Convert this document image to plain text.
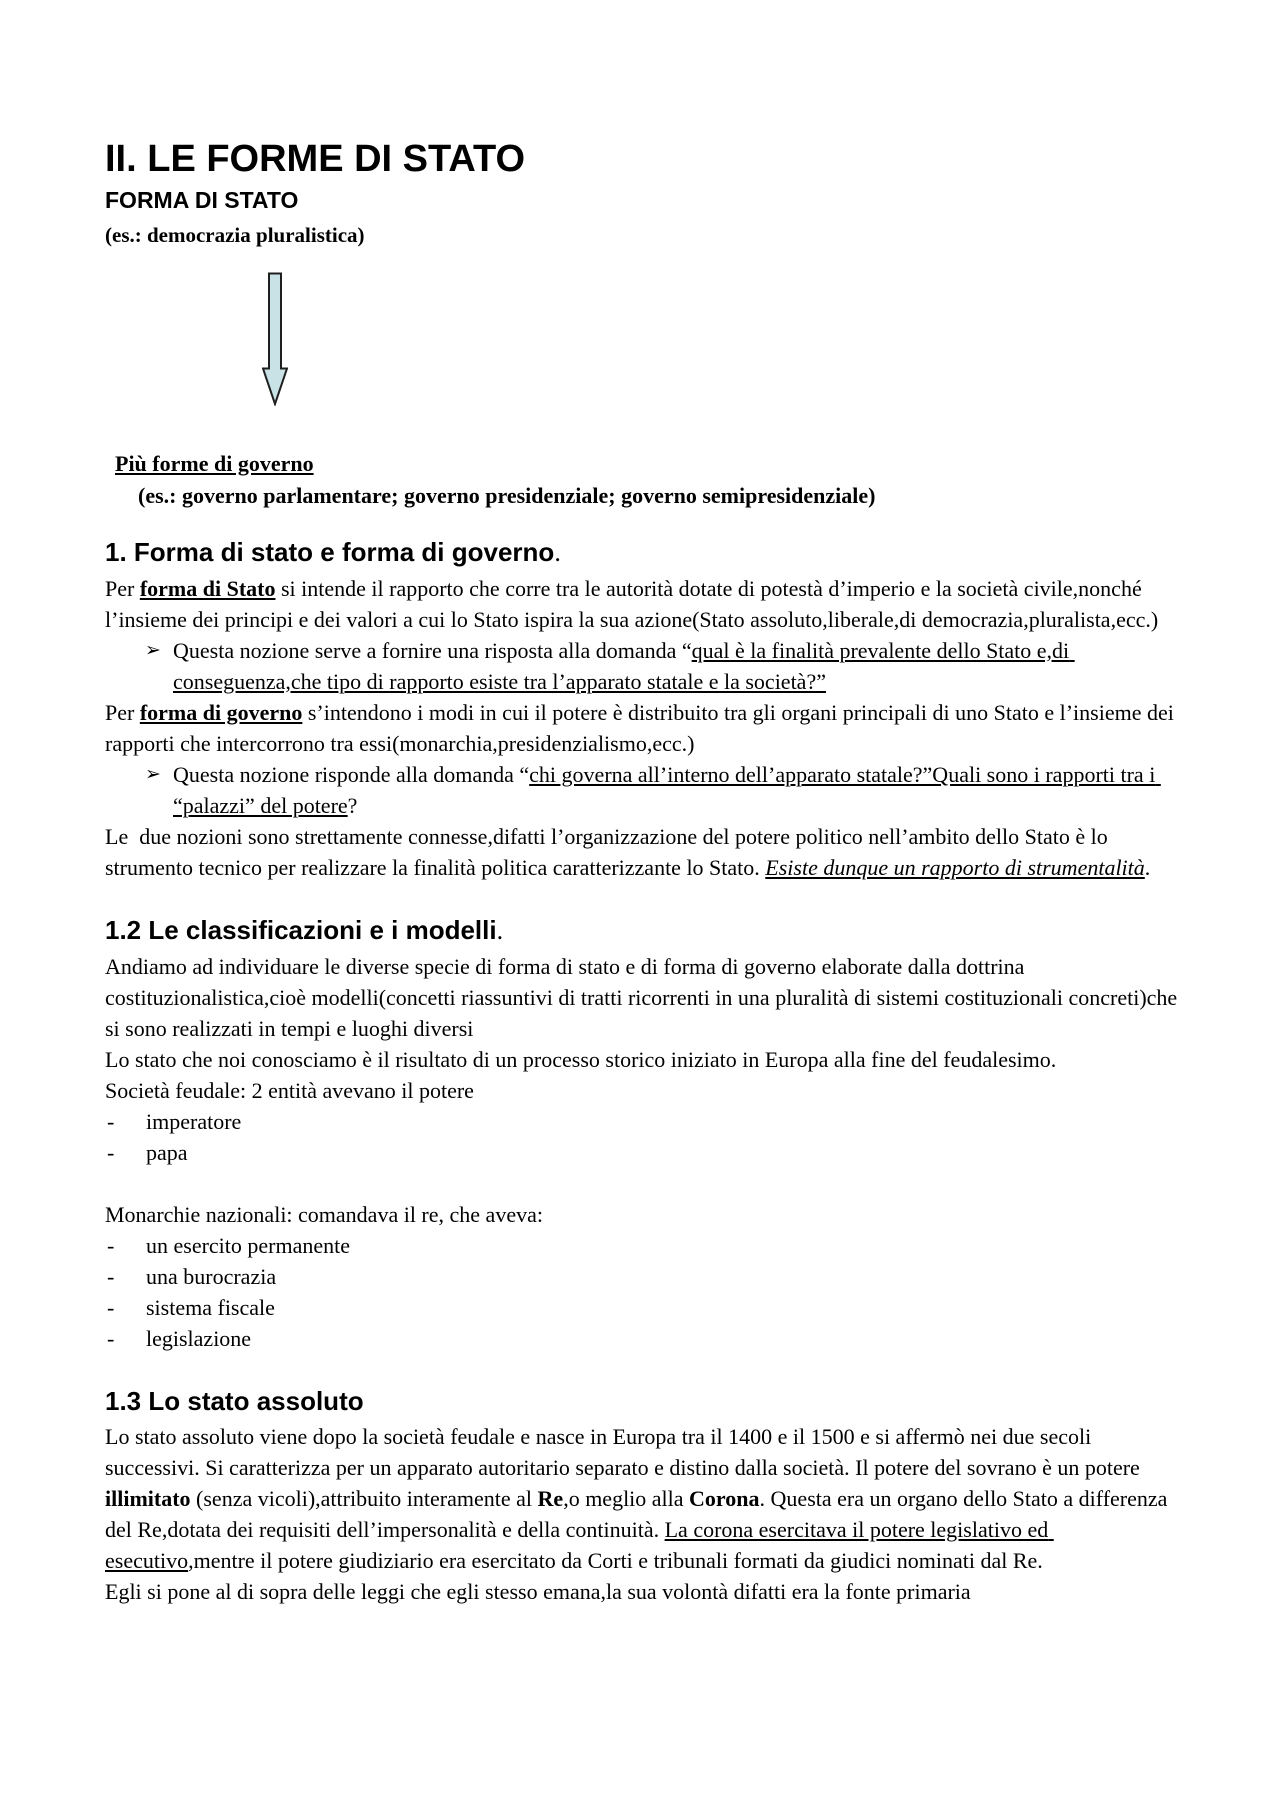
II. LE FORME DI STATO
FORMA DI STATO

(es.: democrazia pluralistica)

Più forme di governo

(es.: governo parlamentare; governo presidenziale; governo semipresidenziale)

1. Forma di stato e forma di governo.

Per forma di Stato si intende il rapporto che corre tra le autorità dotate di potestà d’imperio e la società civile,nonché l’insieme dei principi e dei valori a cui lo Stato ispira la sua azione(Stato assoluto,liberale,di democrazia,pluralista,ecc.)

➢ Questa nozione serve a fornire una risposta alla domanda “qual è la finalità prevalente dello Stato e,di conseguenza,che tipo di rapporto esiste tra l’apparato statale e la società?”

Per forma di governo s’intendono i modi in cui il potere è distribuito tra gli organi principali di uno Stato e l’insieme dei rapporti che intercorrono tra essi(monarchia,presidenzialismo,ecc.)

➢ Questa nozione risponde alla domanda “chi governa all’interno dell’apparato statale?”Quali sono i rapporti tra i “palazzi” del potere?

Le  due nozioni sono strettamente connesse,difatti l’organizzazione del potere politico nell’ambito dello Stato è lo strumento tecnico per realizzare la finalità politica caratterizzante lo Stato. Esiste dunque un rapporto di strumentalità.

1.2 Le classificazioni e i modelli.

Andiamo ad individuare le diverse specie di forma di stato e di forma di governo elaborate dalla dottrina costituzionalistica,cioè modelli(concetti riassuntivi di tratti ricorrenti in una pluralità di sistemi costituzionali concreti)che si sono realizzati in tempi e luoghi diversi

Lo stato che noi conosciamo è il risultato di un processo storico iniziato in Europa alla fine del feudalesimo.

Società feudale: 2 entità avevano il potere

-	imperatore
-	papa

Monarchie nazionali: comandava il re, che aveva:

-	un esercito permanente
-	una burocrazia
-	sistema fiscale
-	legislazione
1.3 Lo stato assoluto

Lo stato assoluto viene dopo la società feudale e nasce in Europa tra il 1400 e il 1500 e si affermò nei due secoli successivi. Si caratterizza per un apparato autoritario separato e distino dalla società. Il potere del sovrano è un potere illimitato (senza vicoli),attribuito interamente al Re,o meglio alla Corona. Questa era un organo dello Stato a differenza del Re,dotata dei requisiti dell’impersonalità e della continuità. La corona esercitava il potere legislativo ed esecutivo,mentre il potere giudiziario era esercitato da Corti e tribunali formati da giudici nominati dal Re.

Egli si pone al di sopra delle leggi che egli stesso emana,la sua volontà difatti era la fonte primaria
